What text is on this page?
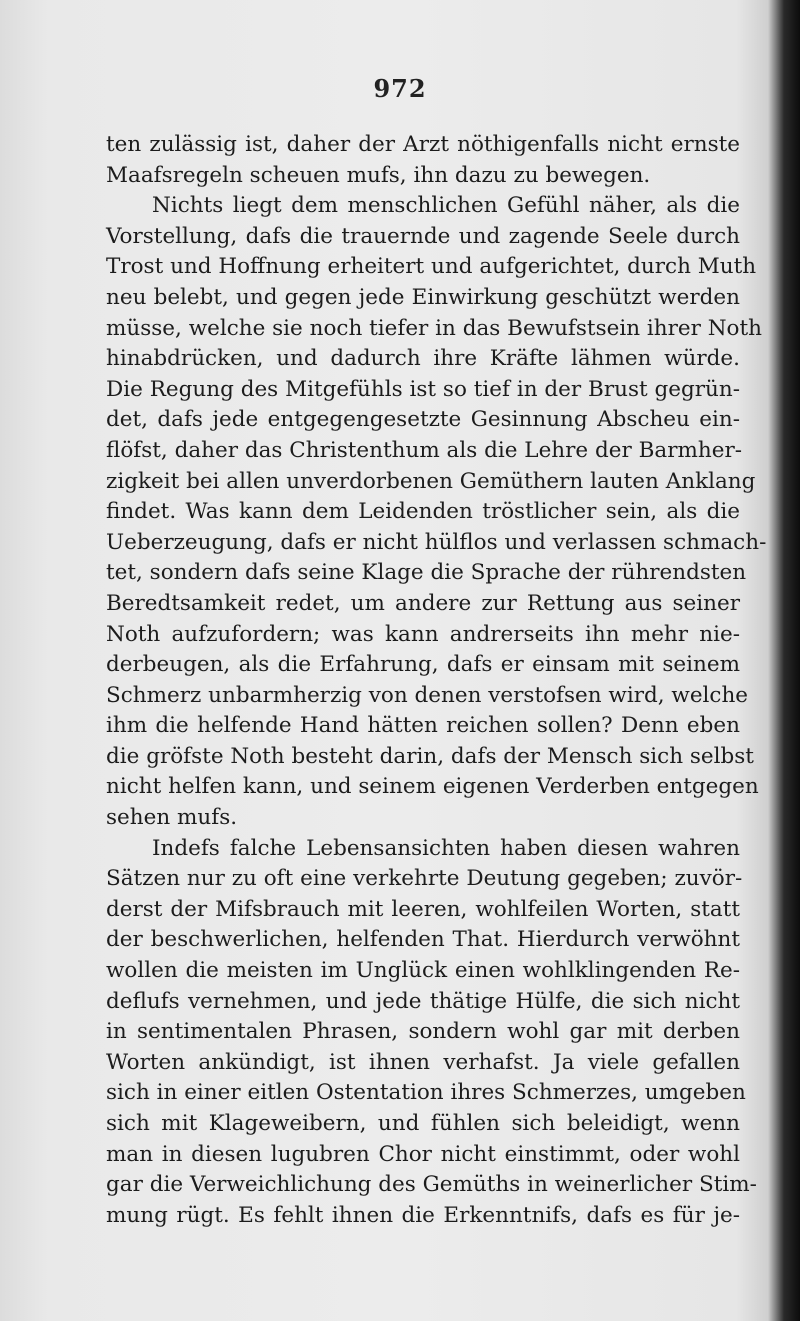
972
ten zulässig ist, daher der Arzt nöthigenfalls nicht ernste
Maafsregeln scheuen mufs, ihn dazu zu bewegen.
Nichts liegt dem menschlichen Gefühl näher, als die
Vorstellung, dafs die trauernde und zagende Seele durch
Trost und Hoffnung erheitert und aufgerichtet, durch Muth
neu belebt, und gegen jede Einwirkung geschützt werden
müsse, welche sie noch tiefer in das Bewufstsein ihrer Noth
hinabdrücken, und dadurch ihre Kräfte lähmen würde.
Die Regung des Mitgefühls ist so tief in der Brust gegrün-
det, dafs jede entgegengesetzte Gesinnung Abscheu ein-
flöfst, daher das Christenthum als die Lehre der Barmher-
zigkeit bei allen unverdorbenen Gemüthern lauten Anklang
findet. Was kann dem Leidenden tröstlicher sein, als die
Ueberzeugung, dafs er nicht hülflos und verlassen schmach-
tet, sondern dafs seine Klage die Sprache der rührendsten
Beredtsamkeit redet, um andere zur Rettung aus seiner
Noth aufzufordern; was kann andrerseits ihn mehr nie-
derbeugen, als die Erfahrung, dafs er einsam mit seinem
Schmerz unbarmherzig von denen verstofsen wird, welche
ihm die helfende Hand hätten reichen sollen? Denn eben
die gröfste Noth besteht darin, dafs der Mensch sich selbst
nicht helfen kann, und seinem eigenen Verderben entgegen
sehen mufs.
Indefs falche Lebensansichten haben diesen wahren
Sätzen nur zu oft eine verkehrte Deutung gegeben; zuvör-
derst der Mifsbrauch mit leeren, wohlfeilen Worten, statt
der beschwerlichen, helfenden That. Hierdurch verwöhnt
wollen die meisten im Unglück einen wohlklingenden Re-
deflufs vernehmen, und jede thätige Hülfe, die sich nicht
in sentimentalen Phrasen, sondern wohl gar mit derben
Worten ankündigt, ist ihnen verhafst. Ja viele gefallen
sich in einer eitlen Ostentation ihres Schmerzes, umgeben
sich mit Klageweibern, und fühlen sich beleidigt, wenn
man in diesen lugubren Chor nicht einstimmt, oder wohl
gar die Verweichlichung des Gemüths in weinerlicher Stim-
mung rügt. Es fehlt ihnen die Erkenntnifs, dafs es für je-
